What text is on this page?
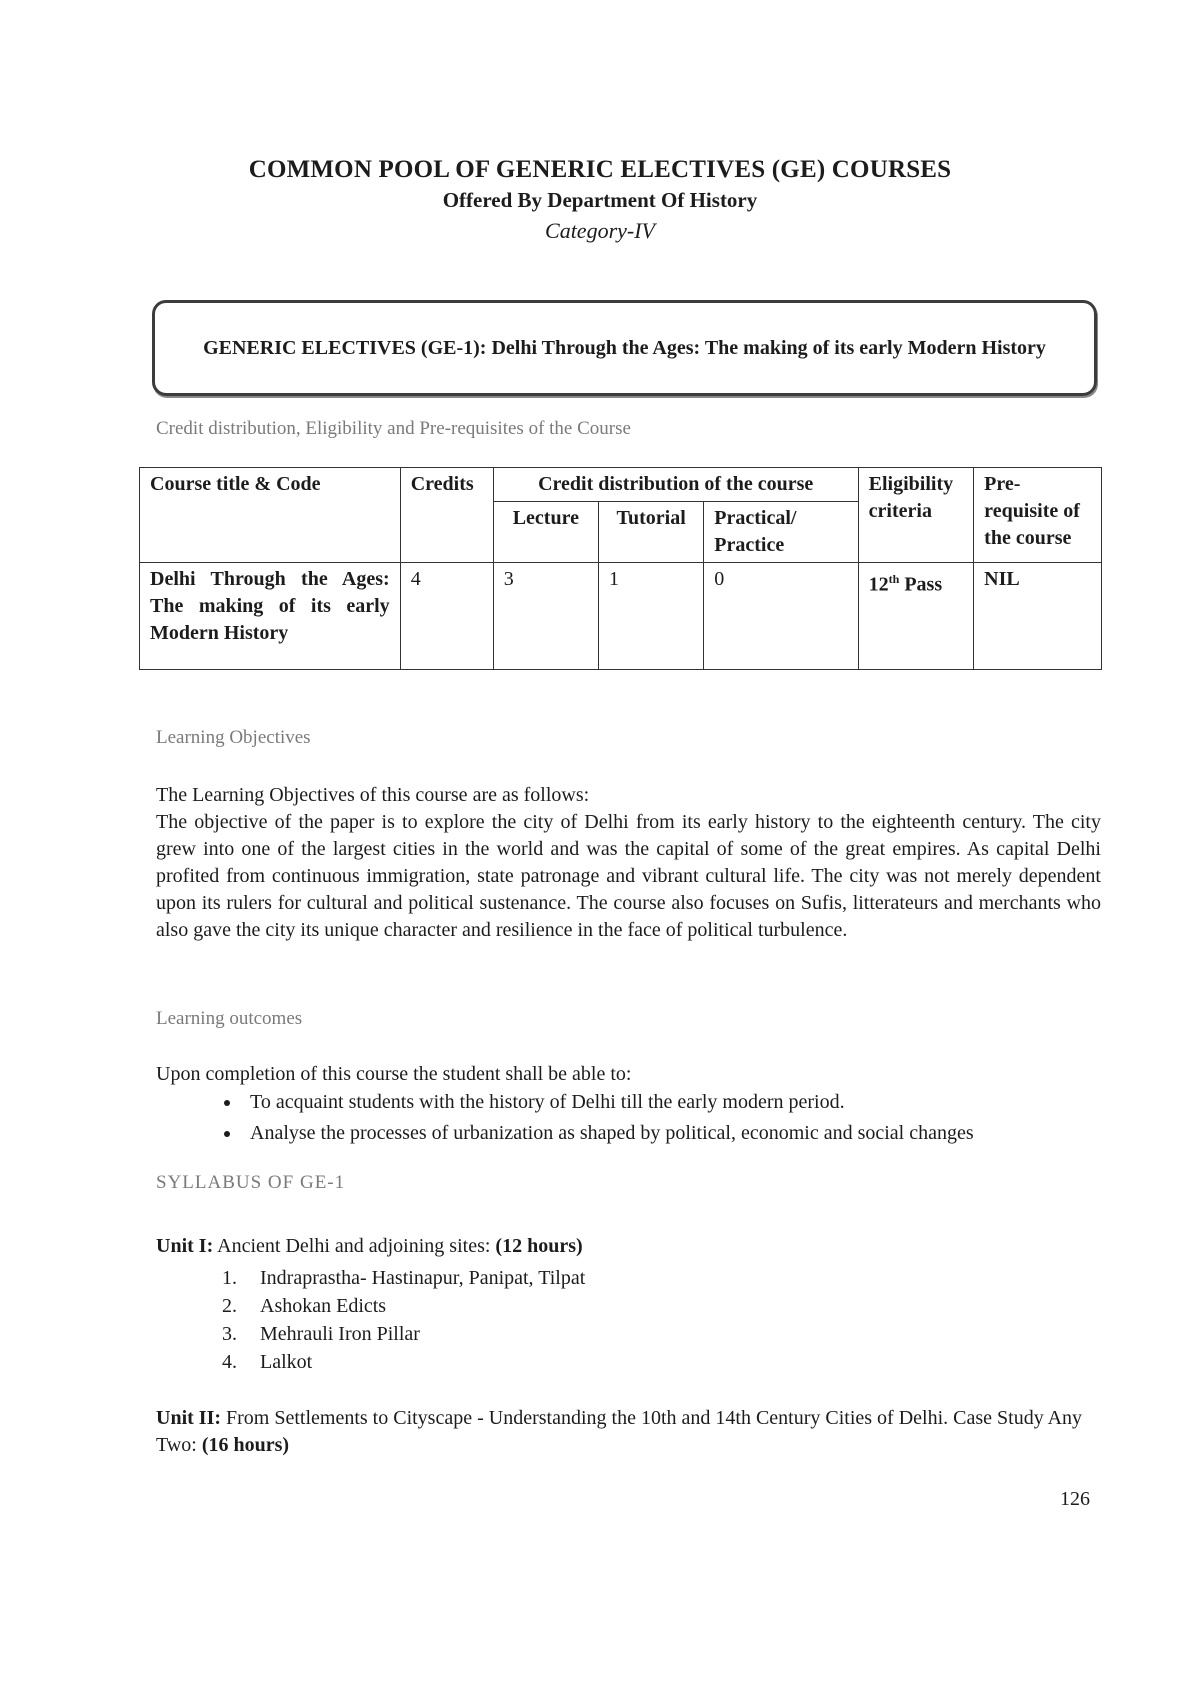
COMMON POOL OF GENERIC ELECTIVES (GE) COURSES
Offered By Department Of History
Category-IV
GENERIC ELECTIVES (GE-1): Delhi Through the Ages: The making of its early Modern History
Credit distribution, Eligibility and Pre-requisites of the Course
Course title & Code	Credits	Credit distribution of the course			Eligibility criteria	Pre-requisite of the course
		Lecture	Tutorial	Practical/ Practice		
Delhi Through the Ages: The making of its early Modern History	4	3	1	0	12th Pass	NIL
Learning Objectives
The Learning Objectives of this course are as follows:
The objective of the paper is to explore the city of Delhi from its early history to the eighteenth century. The city grew into one of the largest cities in the world and was the capital of some of the great empires. As capital Delhi profited from continuous immigration, state patronage and vibrant cultural life. The city was not merely dependent upon its rulers for cultural and political sustenance. The course also focuses on Sufis, litterateurs and merchants who also gave the city its unique character and resilience in the face of political turbulence.
Learning outcomes
Upon completion of this course the student shall be able to:
• To acquaint students with the history of Delhi till the early modern period.
• Analyse the processes of urbanization as shaped by political, economic and social changes
SYLLABUS OF GE-1
Unit I: Ancient Delhi and adjoining sites: (12 hours)
1. Indraprastha- Hastinapur, Panipat, Tilpat
2. Ashokan Edicts
3. Mehrauli Iron Pillar
4. Lalkot
Unit II: From Settlements to Cityscape - Understanding the 10th and 14th Century Cities of Delhi. Case Study Any Two: (16 hours)
126
